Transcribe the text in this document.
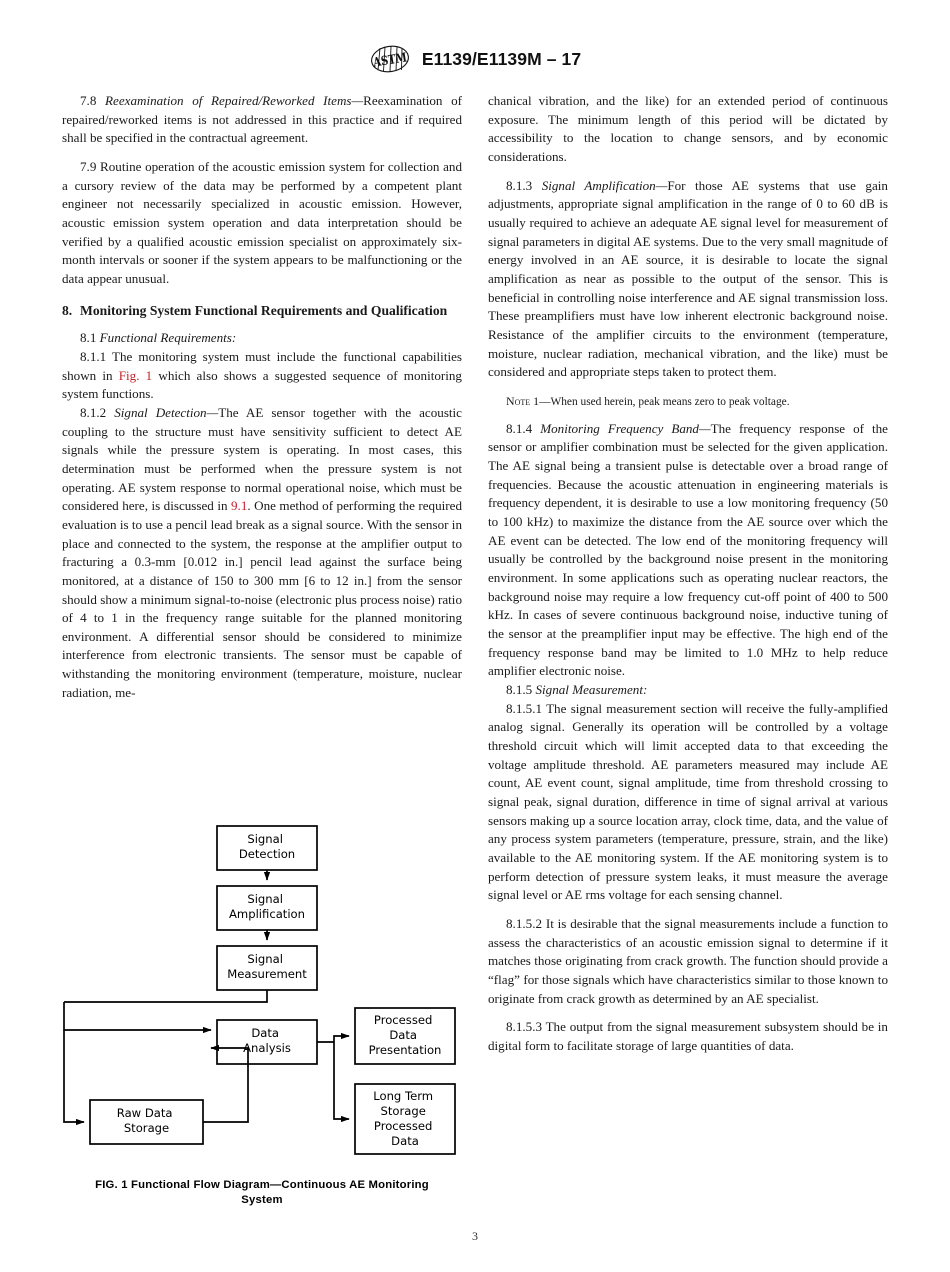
ASTM E1139/E1139M – 17

7.8 Reexamination of Repaired/Reworked Items—Reexamination of repaired/reworked items is not addressed in this practice and if required shall be specified in the contractual agreement.

7.9 Routine operation of the acoustic emission system for collection and a cursory review of the data may be performed by a competent plant engineer not necessarily specialized in acoustic emission. However, acoustic emission system operation and data interpretation should be verified by a qualified acoustic emission specialist on approximately six-month intervals or sooner if the system appears to be malfunctioning or the data appear unusual.

8. Monitoring System Functional Requirements and Qualification

8.1 Functional Requirements:

8.1.1 The monitoring system must include the functional capabilities shown in Fig. 1 which also shows a suggested sequence of monitoring system functions.

8.1.2 Signal Detection—The AE sensor together with the acoustic coupling to the structure must have sensitivity sufficient to detect AE signals while the pressure system is operating. In most cases, this determination must be performed when the pressure system is not operating. AE system response to normal operational noise, which must be considered here, is discussed in 9.1. One method of performing the required evaluation is to use a pencil lead break as a signal source. With the sensor in place and connected to the system, the response at the amplifier output to fracturing a 0.3-mm [0.012 in.] pencil lead against the surface being monitored, at a distance of 150 to 300 mm [6 to 12 in.] from the sensor should show a minimum signal-to-noise (electronic plus process noise) ratio of 4 to 1 in the frequency range suitable for the planned monitoring environment. A differential sensor should be considered to minimize interference from electronic transients. The sensor must be capable of withstanding the monitoring environment (temperature, moisture, nuclear radiation, me-

chanical vibration, and the like) for an extended period of continuous exposure. The minimum length of this period will be dictated by accessibility to the location to change sensors, and by economic considerations.

8.1.3 Signal Amplification—For those AE systems that use gain adjustments, appropriate signal amplification in the range of 0 to 60 dB is usually required to achieve an adequate AE signal level for measurement of signal parameters in digital AE systems. Due to the very small magnitude of energy involved in an AE source, it is desirable to locate the signal amplification as near as possible to the output of the sensor. This is beneficial in controlling noise interference and AE signal transmission loss. These preamplifiers must have low inherent electronic background noise. Resistance of the amplifier circuits to the environment (temperature, moisture, nuclear radiation, mechanical vibration, and the like) must be considered and appropriate steps taken to protect them.

Note 1—When used herein, peak means zero to peak voltage.

8.1.4 Monitoring Frequency Band—The frequency response of the sensor or amplifier combination must be selected for the given application. The AE signal being a transient pulse is detectable over a broad range of frequencies. Because the acoustic attenuation in engineering materials is frequency dependent, it is desirable to use a low monitoring frequency (50 to 100 kHz) to maximize the distance from the AE source over which the AE event can be detected. The low end of the monitoring frequency will usually be controlled by the background noise present in the monitoring environment. In some applications such as operating nuclear reactors, the background noise may require a low frequency cut-off point of 400 to 500 kHz. In cases of severe continuous background noise, inductive tuning of the sensor at the preamplifier input may be effective. The high end of the frequency response band may be limited to 1.0 MHz to help reduce amplifier electronic noise.

8.1.5 Signal Measurement:

8.1.5.1 The signal measurement section will receive the fully-amplified analog signal. Generally its operation will be controlled by a voltage threshold circuit which will limit accepted data to that exceeding the voltage amplitude threshold. AE parameters measured may include AE count, AE event count, signal amplitude, time from threshold crossing to signal peak, signal duration, difference in time of signal arrival at various sensors making up a source location array, clock time, data, and the value of any process system parameters (temperature, pressure, strain, and the like) available to the AE monitoring system. If the AE monitoring system is to perform detection of pressure system leaks, it must measure the average signal level or AE rms voltage for each sensing channel.

8.1.5.2 It is desirable that the signal measurements include a function to assess the characteristics of an acoustic emission signal to determine if it matches those originating from crack growth. The function should provide a “flag” for those signals which have characteristics similar to those known to originate from crack growth as determined by an AE specialist.

8.1.5.3 The output from the signal measurement subsystem should be in digital form to facilitate storage of large quantities of data.

Signal Detection
Signal Amplification
Signal Measurement
Data Analysis
Raw Data Storage
Processed Data Presentation
Long Term Storage Processed Data
FIG. 1 Functional Flow Diagram—Continuous AE Monitoring
System
3
